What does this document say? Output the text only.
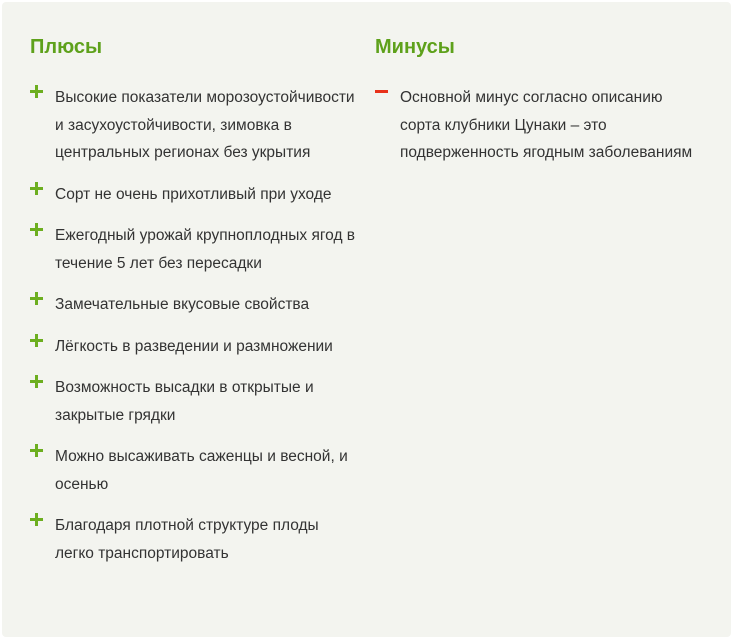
Плюсы
Высокие показатели морозоустойчивости и засухоустойчивости, зимовка в центральных регионах без укрытия
Сорт не очень прихотливый при уходе
Ежегодный урожай крупноплодных ягод в течение 5 лет без пересадки
Замечательные вкусовые свойства
Лёгкость в разведении и размножении
Возможность высадки в открытые и закрытые грядки
Можно высаживать саженцы и весной, и осенью
Благодаря плотной структуре плоды легко транспортировать
Минусы
Основной минус согласно описанию сорта клубники Цунаки – это подверженность ягодным заболеваниям
